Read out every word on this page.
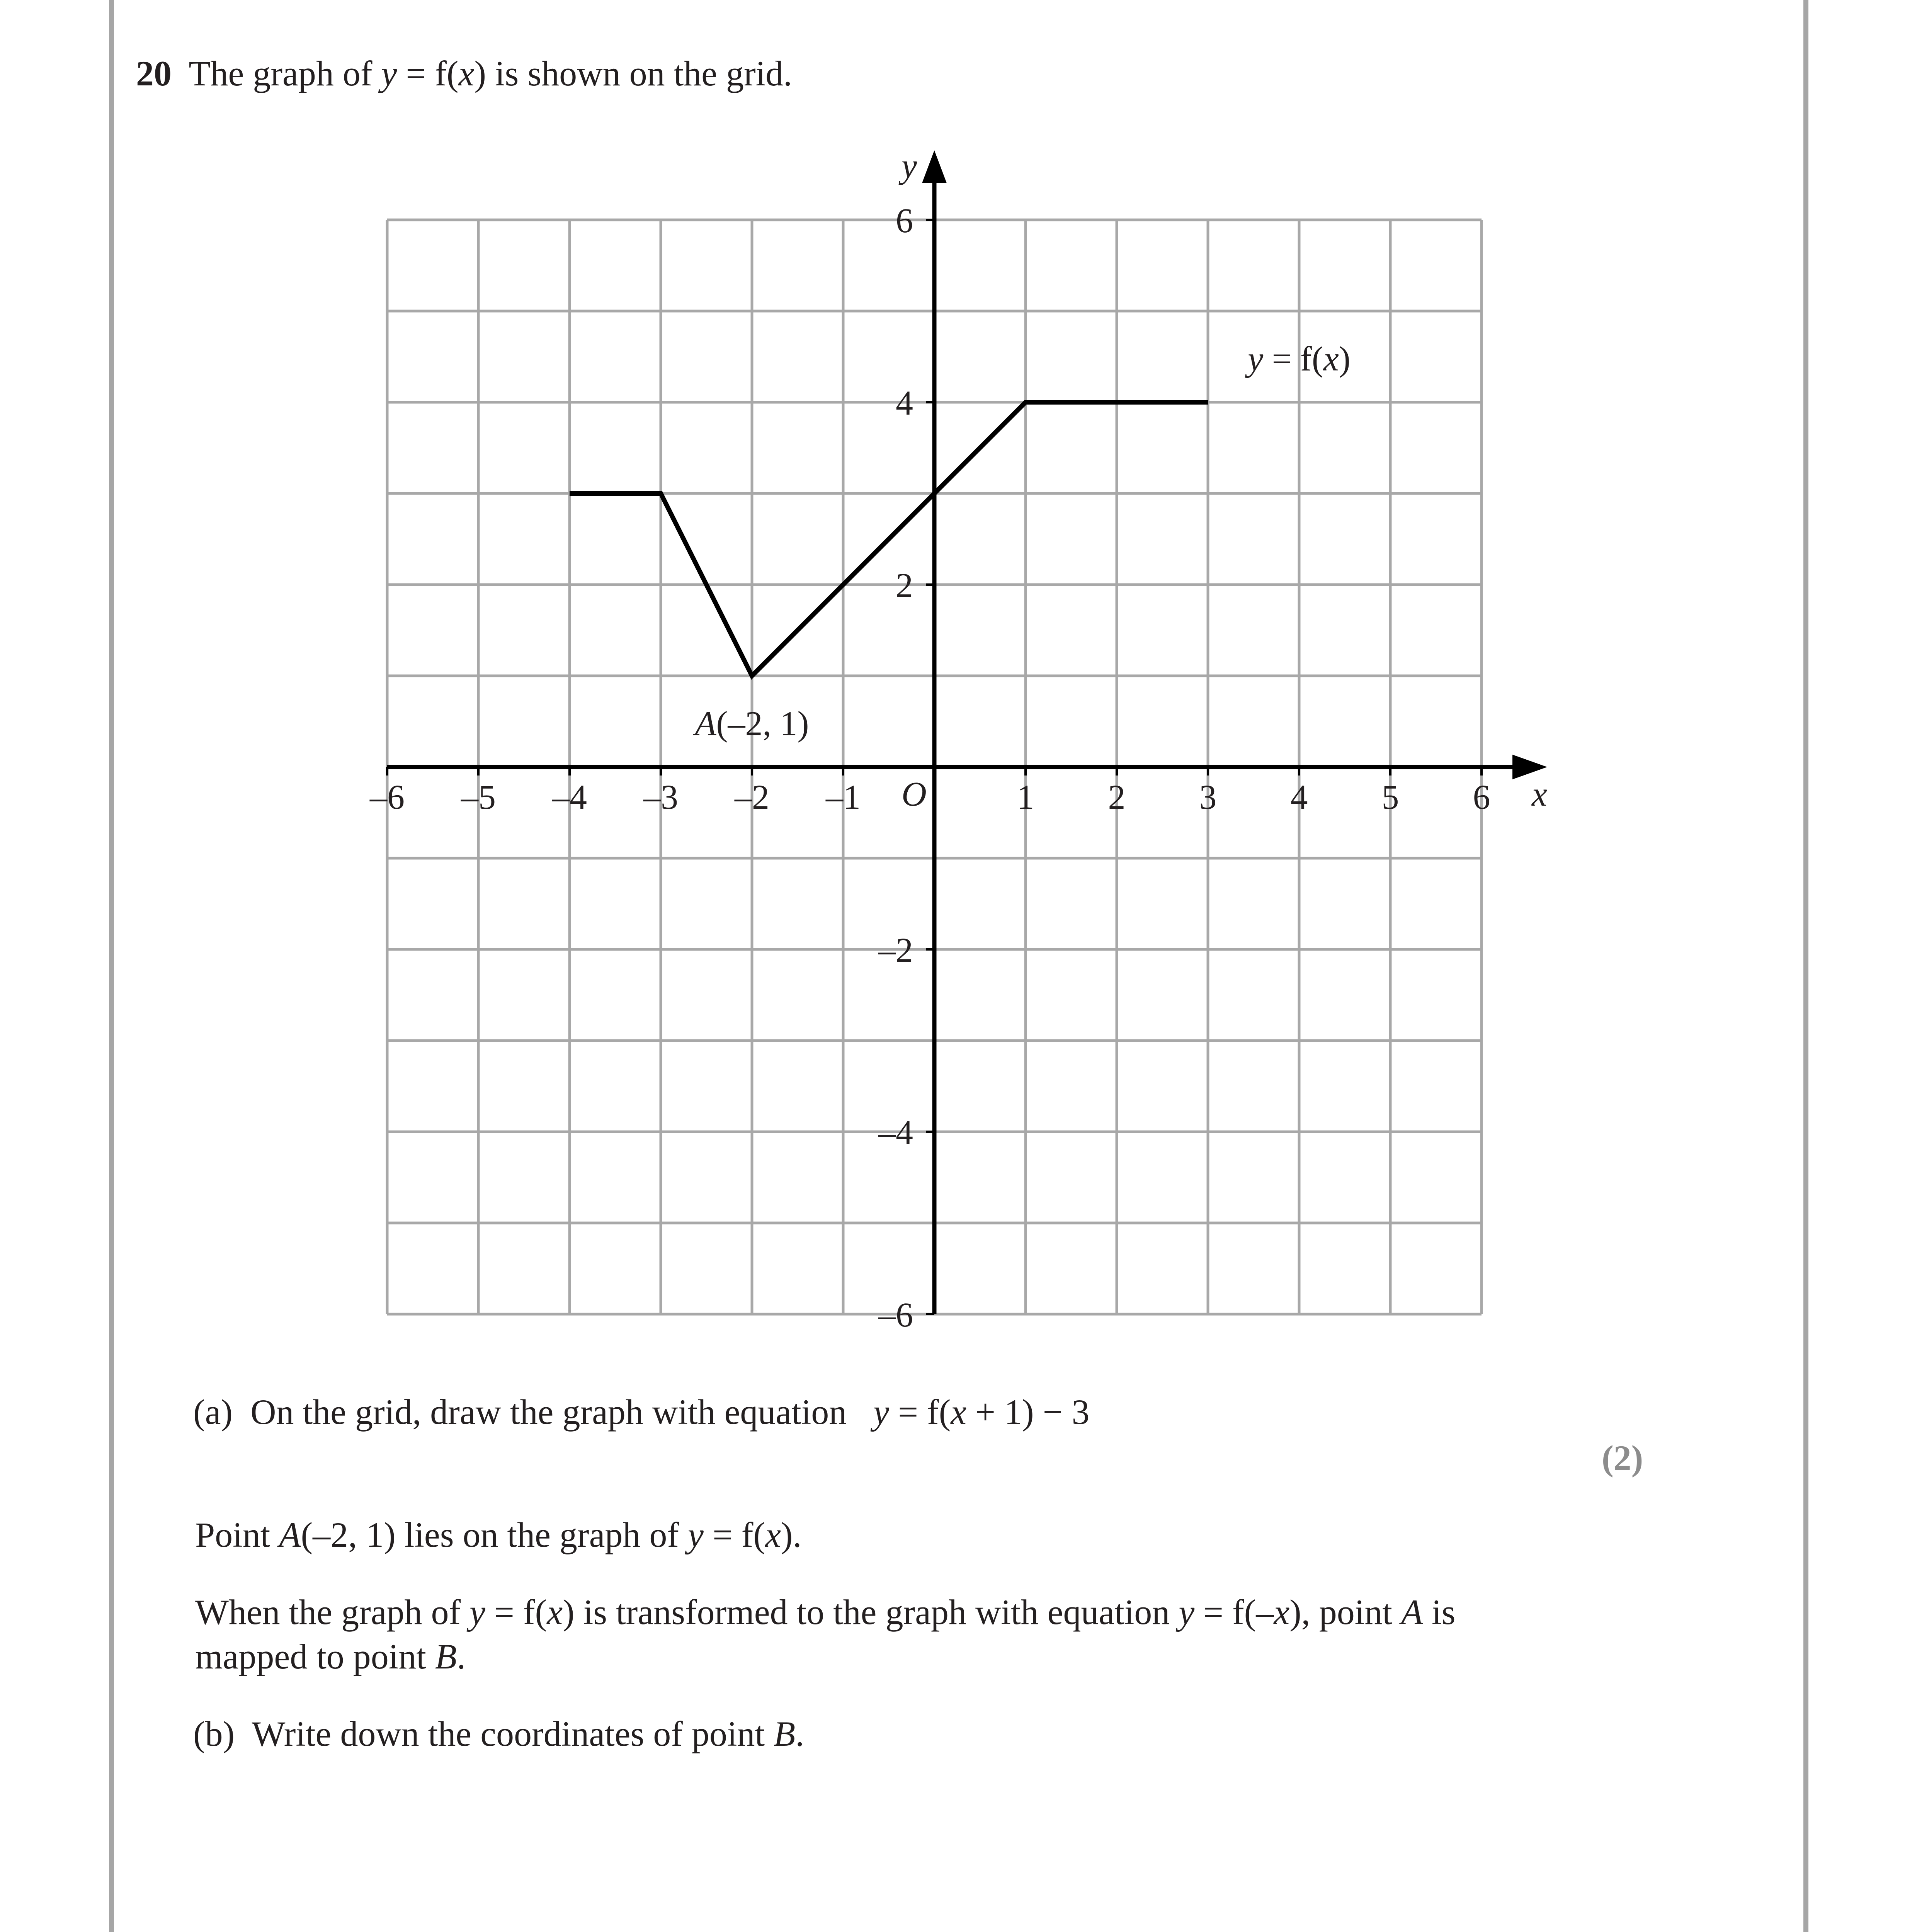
20 The graph of y = f(x) is shown on the grid.
–6 –5 –4 –3 –2 –1	1 2 3 4 5 6
6
4
2
–2
–4
–6
x
y
O
y = f(x)
A(–2, 1)
(a) On the grid, draw the graph with equation y = f(x + 1) − 3
(2)
Point A(–2, 1) lies on the graph of y = f(x).
When the graph of y = f(x) is transformed to the graph with equation y = f(–x), point A is
mapped to point B.
(b) Write down the coordinates of point B.
